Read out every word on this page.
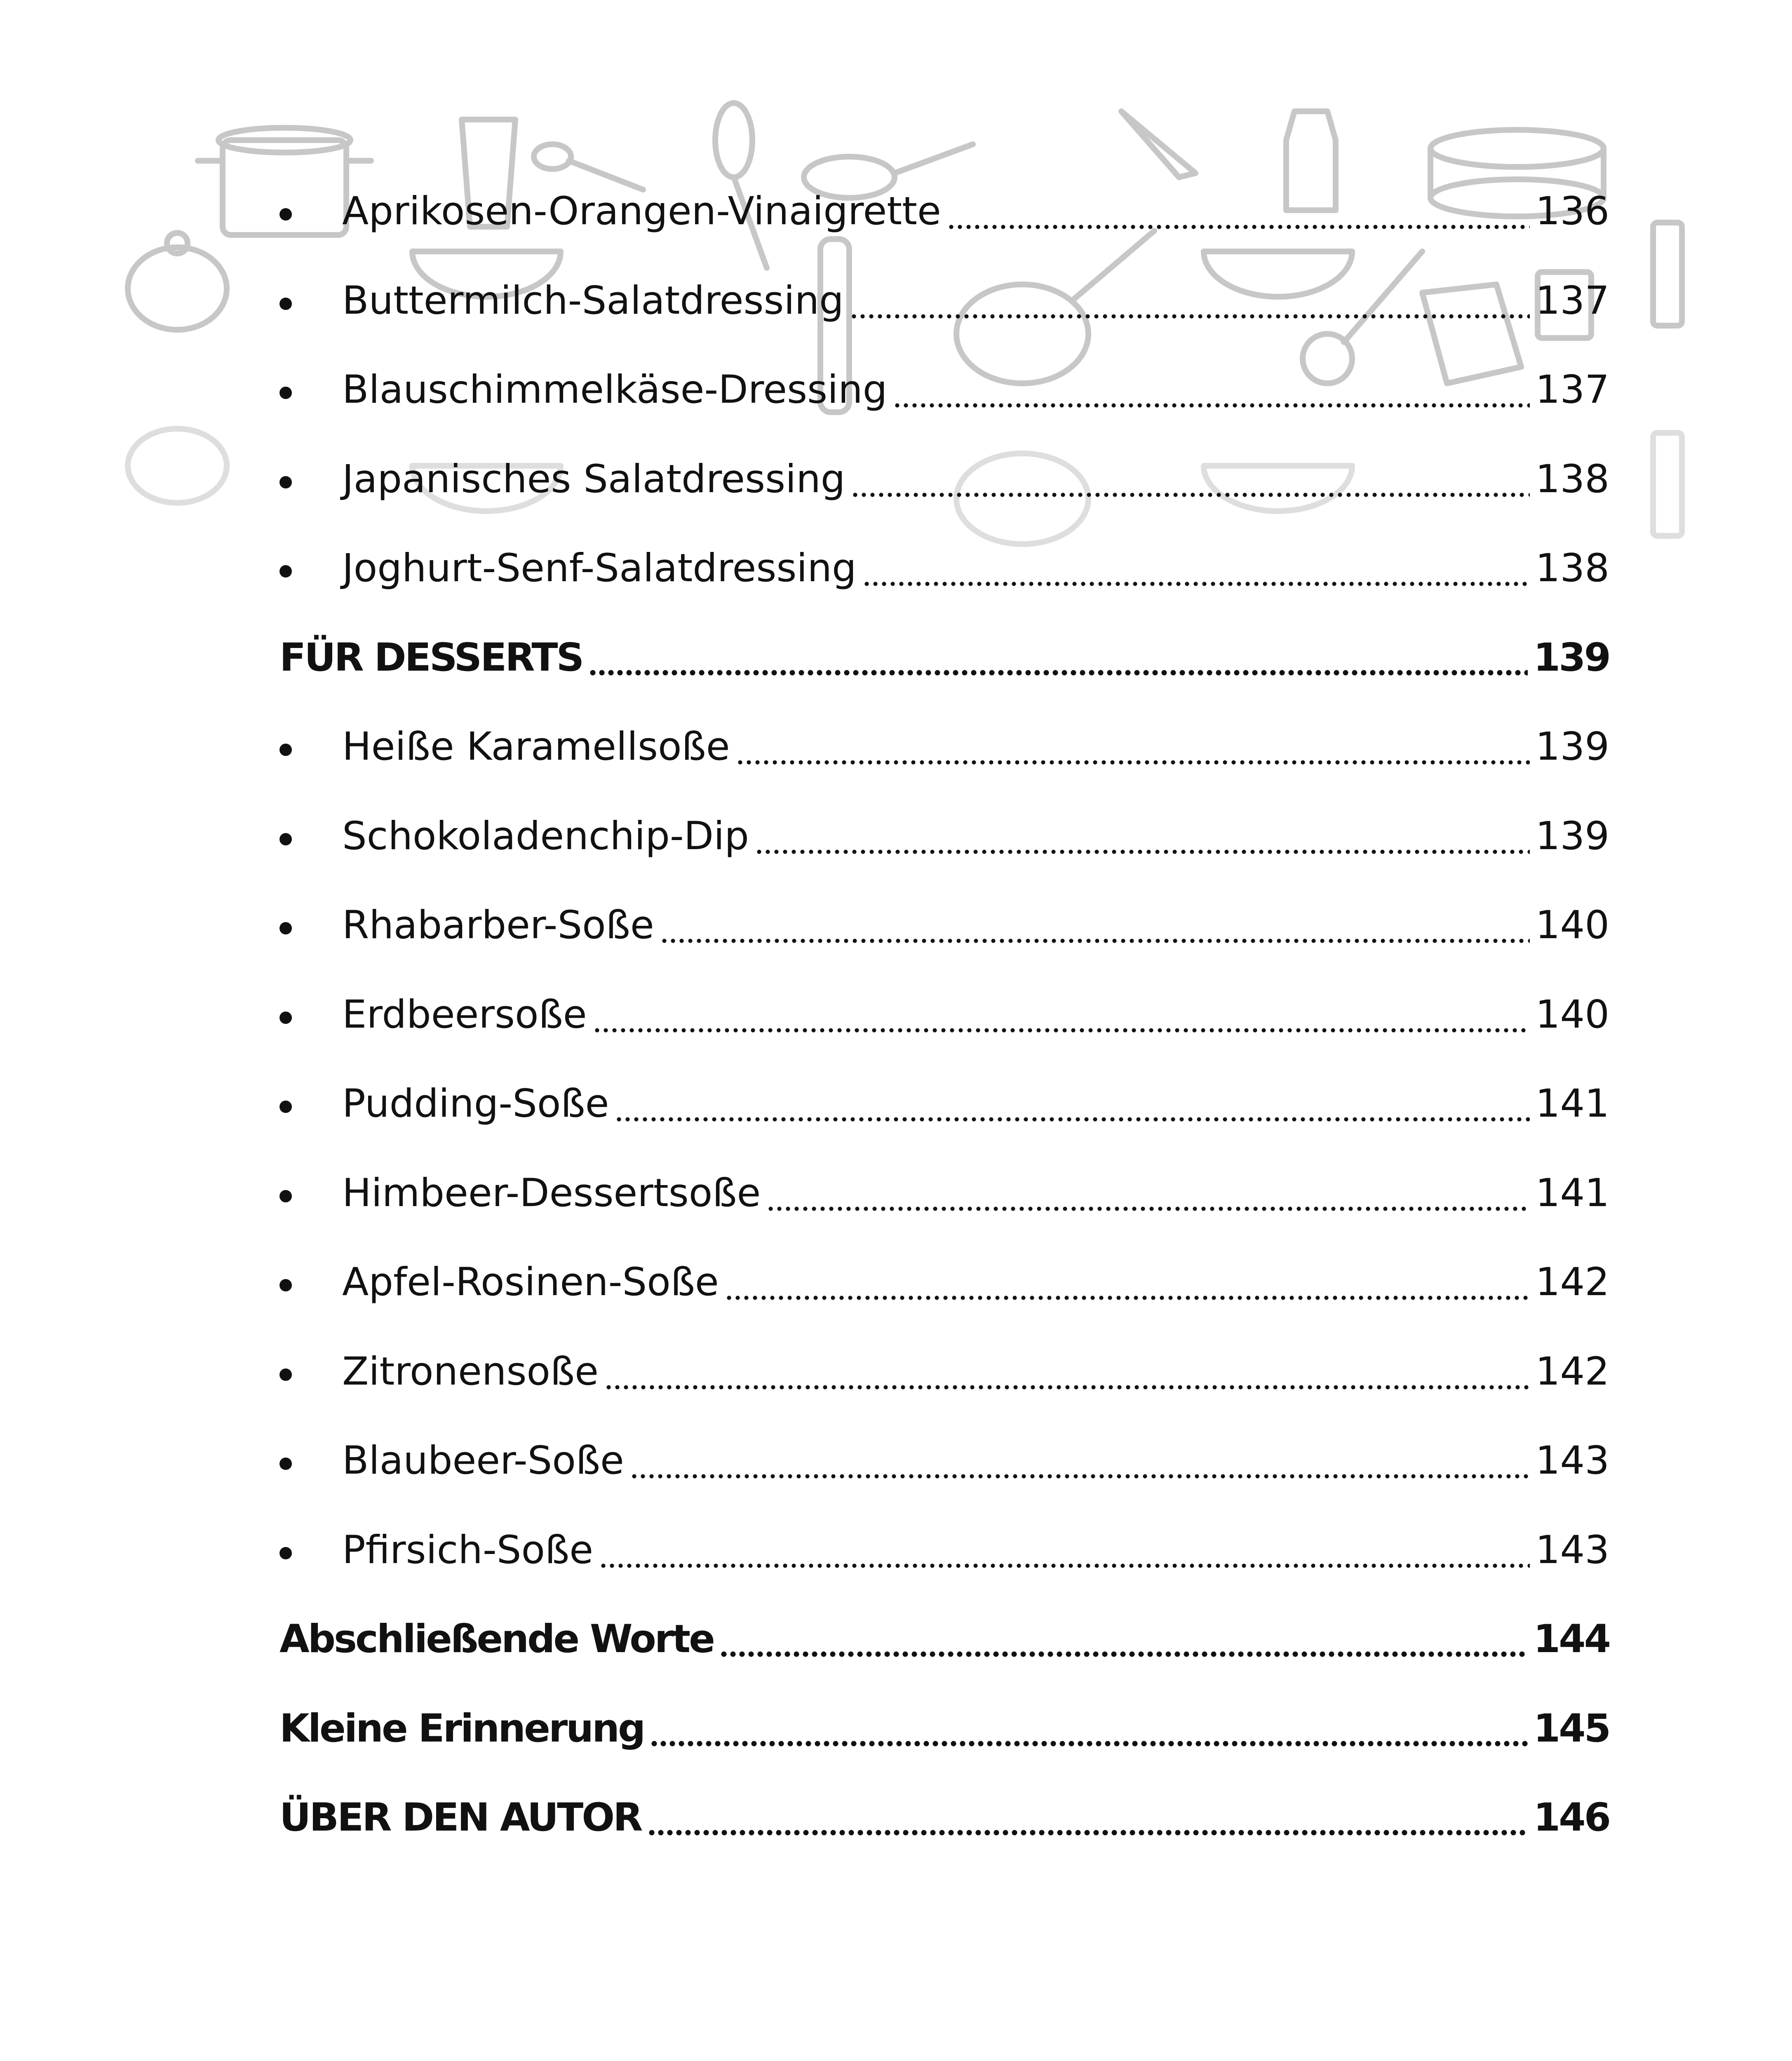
Aprikosen-Orangen-Vinaigrette	136
Buttermilch-Salatdressing	137
Blauschimmelkäse-Dressing	137
Japanisches Salatdressing	138
Joghurt-Senf-Salatdressing	138
FÜR DESSERTS	139
Heiße Karamellsoße	139
Schokoladenchip-Dip	139
Rhabarber-Soße	140
Erdbeersoße	140
Pudding-Soße	141
Himbeer-Dessertsoße	141
Apfel-Rosinen-Soße	142
Zitronensoße	142
Blaubeer-Soße	143
Pfirsich-Soße	143
Abschließende Worte	144
Kleine Erinnerung	145
ÜBER DEN AUTOR	146
